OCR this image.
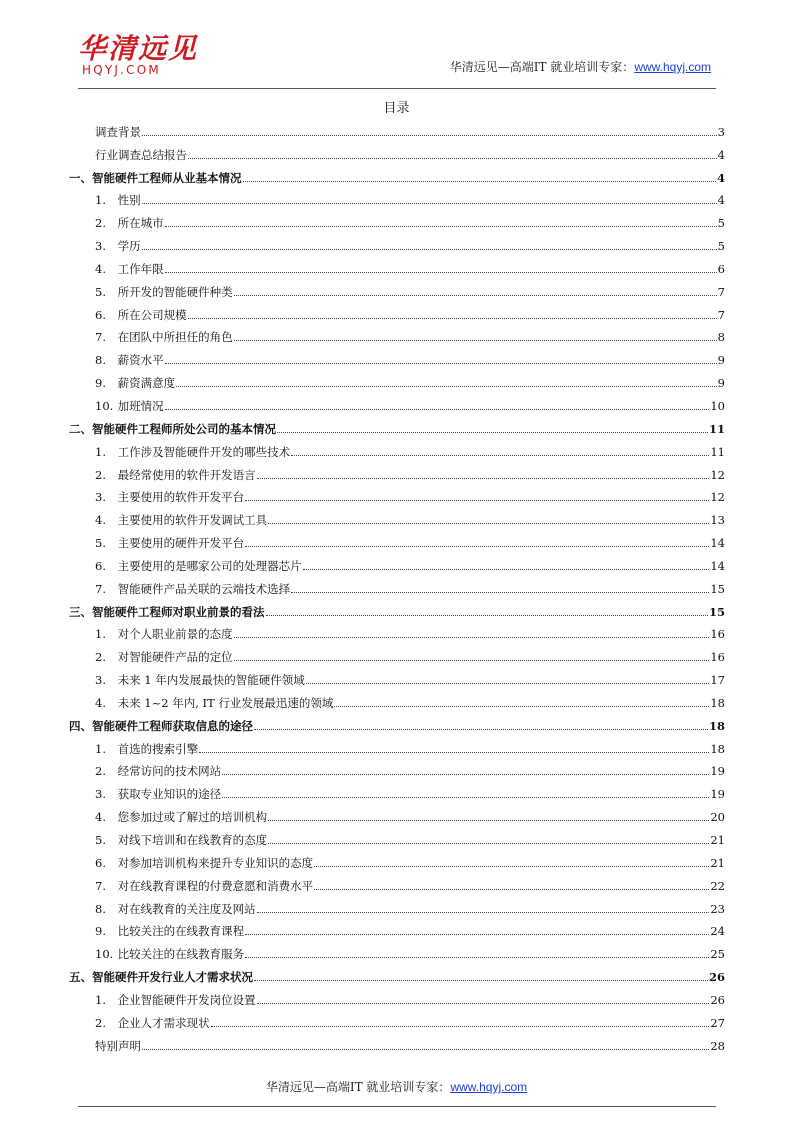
华清远见
HQYJ.COM	华清远见—高端IT 就业培训专家：www.hqyj.com
目录
调查背景	3
行业调查总结报告	4
一、智能硬件工程师从业基本情况	4
1. 性别	4
2. 所在城市	5
3. 学历	5
4. 工作年限	6
5. 所开发的智能硬件种类	7
6. 所在公司规模	7
7. 在团队中所担任的角色	8
8. 薪资水平	9
9. 薪资满意度	9
10. 加班情况	10
二、智能硬件工程师所处公司的基本情况	11
1. 工作涉及智能硬件开发的哪些技术	11
2. 最经常使用的软件开发语言	12
3. 主要使用的软件开发平台	12
4. 主要使用的软件开发调试工具	13
5. 主要使用的硬件开发平台	14
6. 主要使用的是哪家公司的处理器芯片	14
7. 智能硬件产品关联的云端技术选择	15
三、智能硬件工程师对职业前景的看法	15
1. 对个人职业前景的态度	16
2. 对智能硬件产品的定位	16
3. 未来 1 年内发展最快的智能硬件领域	17
4. 未来 1~2 年内, IT 行业发展最迅速的领域	18
四、智能硬件工程师获取信息的途径	18
1. 首选的搜索引擎	18
2. 经常访问的技术网站	19
3. 获取专业知识的途径	19
4. 您参加过或了解过的培训机构	20
5. 对线下培训和在线教育的态度	21
6. 对参加培训机构来提升专业知识的态度	21
7. 对在线教育课程的付费意愿和消费水平	22
8. 对在线教育的关注度及网站	23
9. 比较关注的在线教育课程	24
10. 比较关注的在线教育服务	25
五、智能硬件开发行业人才需求状况	26
1. 企业智能硬件开发岗位设置	26
2. 企业人才需求现状	27
特别声明	28
华清远见—高端IT 就业培训专家：www.hqyj.com
